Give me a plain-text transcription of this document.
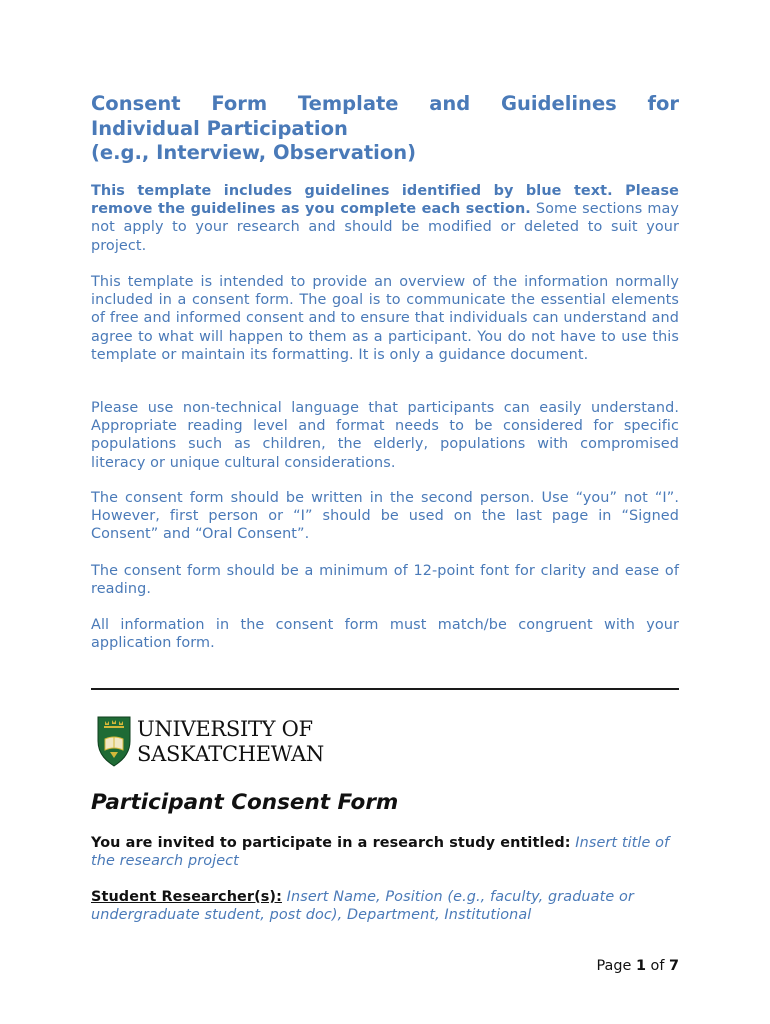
Consent Form Template and Guidelines for
Individual Participation
(e.g., Interview, Observation)

This template includes guidelines identified by blue text. Please remove the guidelines as you complete each section. Some sections may not apply to your research and should be modified or deleted to suit your project.

This template is intended to provide an overview of the information normally included in a consent form. The goal is to communicate the essential elements of free and informed consent and to ensure that individuals can understand and agree to what will happen to them as a participant. You do not have to use this template or maintain its formatting. It is only a guidance document.

Please use non-technical language that participants can easily understand. Appropriate reading level and format needs to be considered for specific populations such as children, the elderly, populations with compromised literacy or unique cultural considerations.

The consent form should be written in the second person. Use “you” not “I”. However, first person or “I” should be used on the last page in “Signed Consent” and “Oral Consent”.

The consent form should be a minimum of 12-point font for clarity and ease of reading.

All information in the consent form must match/be congruent with your application form.

UNIVERSITY OF
SASKATCHEWAN
Participant Consent Form

You are invited to participate in a research study entitled: Insert title of the research project

Student Researcher(s): Insert Name, Position (e.g., faculty, graduate or undergraduate student, post doc), Department, Institutional

Page 1 of 7
